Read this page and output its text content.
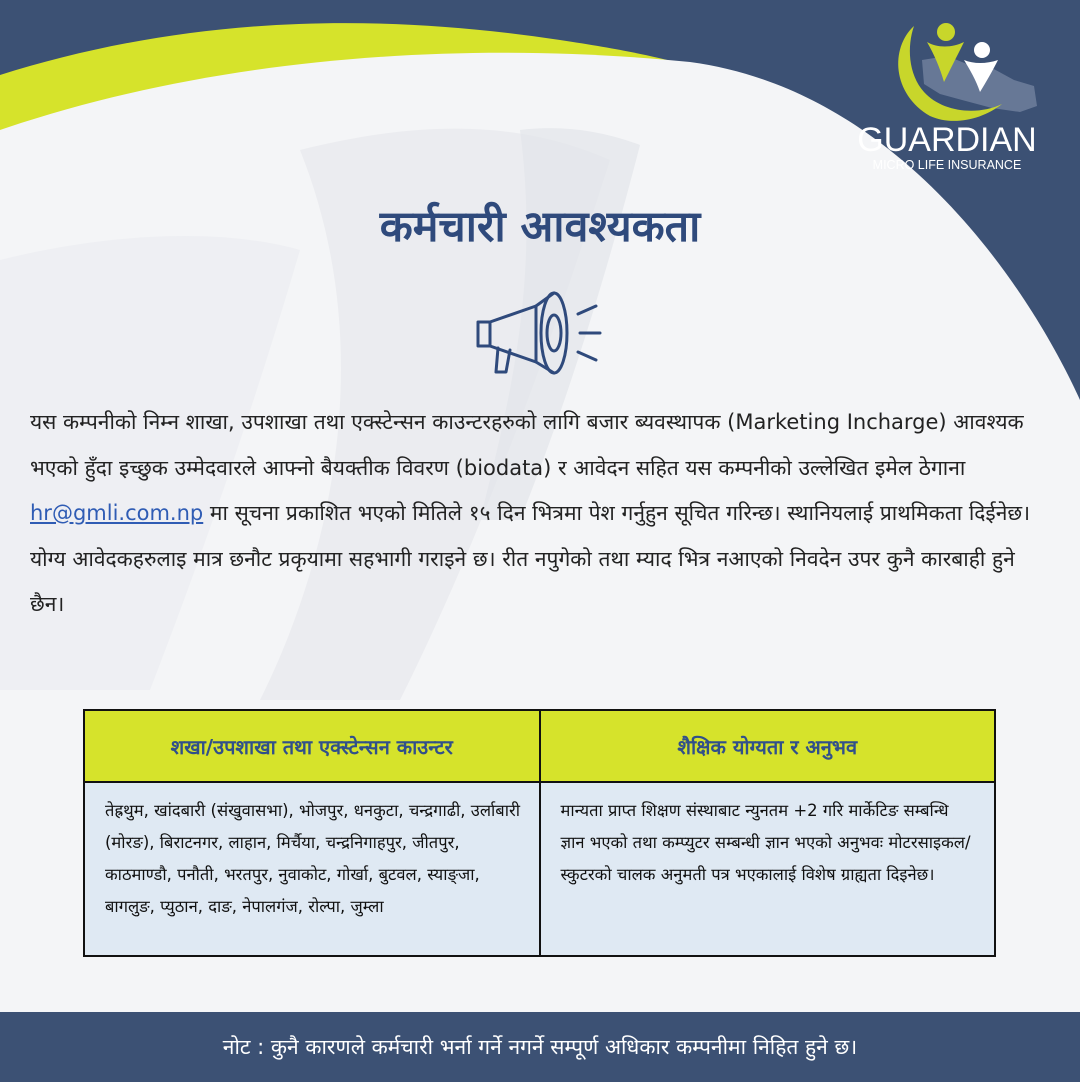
GUARDIAN
MICRO LIFE INSURANCE
कर्मचारी आवश्यकता
यस कम्पनीको निम्न शाखा, उपशाखा तथा एक्स्टेन्सन काउन्टरहरुको लागि बजार ब्यवस्थापक (Marketing Incharge) आवश्यक भएको हुँदा इच्छुक उम्मेदवारले आफ्नो बैयक्तीक विवरण (biodata) र आवेदन सहित यस कम्पनीको उल्लेखित इमेल ठेगाना hr@gmli.com.np मा सूचना प्रकाशित भएको मितिले १५ दिन भित्रमा पेश गर्नुहुन सूचित गरिन्छ। स्थानियलाई प्राथमिकता दिईनेछ। योग्य आवेदकहरुलाइ मात्र छनौट प्रकृयामा सहभागी गराइने छ। रीत नपुगेको तथा म्याद भित्र नआएको निवदेन उपर कुनै कारबाही हुने छैन।
शखा/उपशाखा तथा एक्स्टेन्सन काउन्टर	शैक्षिक योग्यता र अनुभव
तेह्रथुम, खांदबारी (संखुवासभा), भोजपुर, धनकुटा, चन्द्रगाढी, उर्लाबारी (मोरङ), बिराटनगर, लाहान, मिर्चैया, चन्द्रनिगाहपुर, जीतपुर, काठमाण्डौ, पनौती, भरतपुर, नुवाकोट, गोर्खा, बुटवल, स्याङ्जा, बागलुङ, प्युठान, दाङ, नेपालगंज, रोल्पा, जुम्ला	मान्यता प्राप्त शिक्षण संस्थाबाट न्युनतम +2 गरि मार्केटिङ सम्बन्धि ज्ञान भएको तथा कम्प्युटर सम्बन्धी ज्ञान भएको अनुभवः मोटरसाइकल/ स्कुटरको चालक अनुमती पत्र भएकालाई विशेष ग्राह्यता दिइनेछ।
नोट : कुनै कारणले कर्मचारी भर्ना गर्ने नगर्ने सम्पूर्ण अधिकार कम्पनीमा निहित हुने छ।
